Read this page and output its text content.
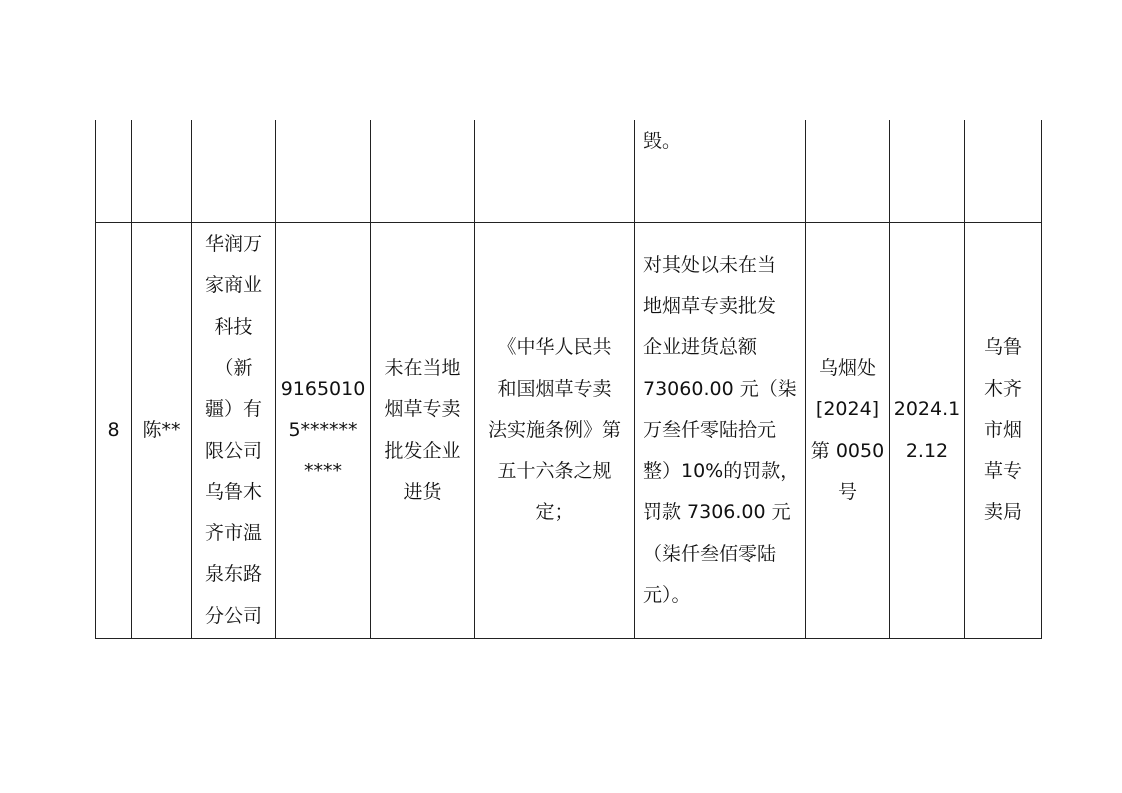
毁。
8 陈**
华润万
家商业
科技
（新
疆）有
限公司
乌鲁木
齐市温
泉东路
分公司
9165010
5******
****
未在当地
烟草专卖
批发企业
进货
《中华人民共
和国烟草专卖
法实施条例》第
五十六条之规
定；
对其处以未在当
地烟草专卖批发
企业进货总额
73060.00 元（柒
万叁仟零陆拾元
整）10%的罚款，
罚款 7306.00 元
（柒仟叁佰零陆
元）。
乌烟处
[2024]
第 0050
号
2024.1
2.12
乌鲁
木齐
市烟
草专
卖局
